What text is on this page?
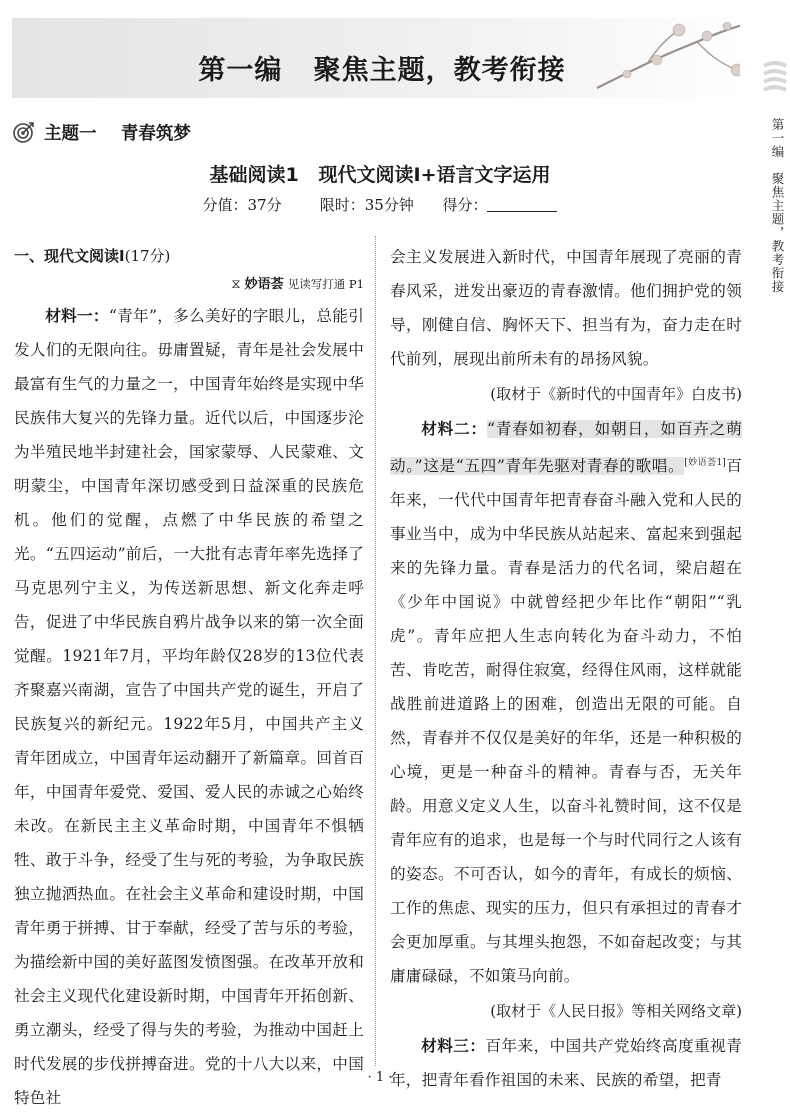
第一编   聚焦主题，教考衔接
第一编　聚焦主题，教考衔接
主题一    青春筑梦
基础阅读1   现代文阅读Ⅰ+语言文字运用
分值：37分	限时：35分钟 得分：

一、现代文阅读Ⅰ(17分)

⧖ 妙语荟 见读写打通 P1

材料一：“青年”，多么美好的字眼儿，总能引发人们的无限向往。毋庸置疑，青年是社会发展中最富有生气的力量之一，中国青年始终是实现中华民族伟大复兴的先锋力量。近代以后，中国逐步沦为半殖民地半封建社会，国家蒙辱、人民蒙难、文明蒙尘，中国青年深切感受到日益深重的民族危机。他们的觉醒，点燃了中华民族的希望之光。“五四运动”前后，一大批有志青年率先选择了马克思列宁主义，为传送新思想、新文化奔走呼告，促进了中华民族自鸦片战争以来的第一次全面觉醒。1921年7月，平均年龄仅28岁的13位代表齐聚嘉兴南湖，宣告了中国共产党的诞生，开启了民族复兴的新纪元。1922年5月，中国共产主义青年团成立，中国青年运动翻开了新篇章。回首百年，中国青年爱党、爱国、爱人民的赤诚之心始终未改。在新民主主义革命时期，中国青年不惧牺牲、敢于斗争，经受了生与死的考验，为争取民族独立抛洒热血。在社会主义革命和建设时期，中国青年勇于拼搏、甘于奉献，经受了苦与乐的考验，为描绘新中国的美好蓝图发愤图强。在改革开放和社会主义现代化建设新时期，中国青年开拓创新、勇立潮头，经受了得与失的考验，为推动中国赶上时代发展的步伐拼搏奋进。党的十八大以来，中国特色社

会主义发展进入新时代，中国青年展现了亮丽的青春风采，迸发出豪迈的青春激情。他们拥护党的领导，刚健自信、胸怀天下、担当有为，奋力走在时代前列，展现出前所未有的昂扬风貌。

(取材于《新时代的中国青年》白皮书)

材料二：“青春如初春，如朝日，如百卉之萌动。”这是“五四”青年先驱对青春的歌唱。[妙语荟1]百年来，一代代中国青年把青春奋斗融入党和人民的事业当中，成为中华民族从站起来、富起来到强起来的先锋力量。青春是活力的代名词，梁启超在《少年中国说》中就曾经把少年比作“朝阳”“乳虎”。青年应把人生志向转化为奋斗动力，不怕苦、肯吃苦，耐得住寂寞，经得住风雨，这样就能战胜前进道路上的困难，创造出无限的可能。自然，青春并不仅仅是美好的年华，还是一种积极的心境，更是一种奋斗的精神。青春与否，无关年龄。用意义定义人生，以奋斗礼赞时间，这不仅是青年应有的追求，也是每一个与时代同行之人该有的姿态。不可否认，如今的青年，有成长的烦恼、工作的焦虑、现实的压力，但只有承担过的青春才会更加厚重。与其埋头抱怨，不如奋起改变；与其庸庸碌碌，不如策马向前。

(取材于《人民日报》等相关网络文章)

材料三：百年来，中国共产党始终高度重视青年，把青年看作祖国的未来、民族的希望，把青

· 1 ·
